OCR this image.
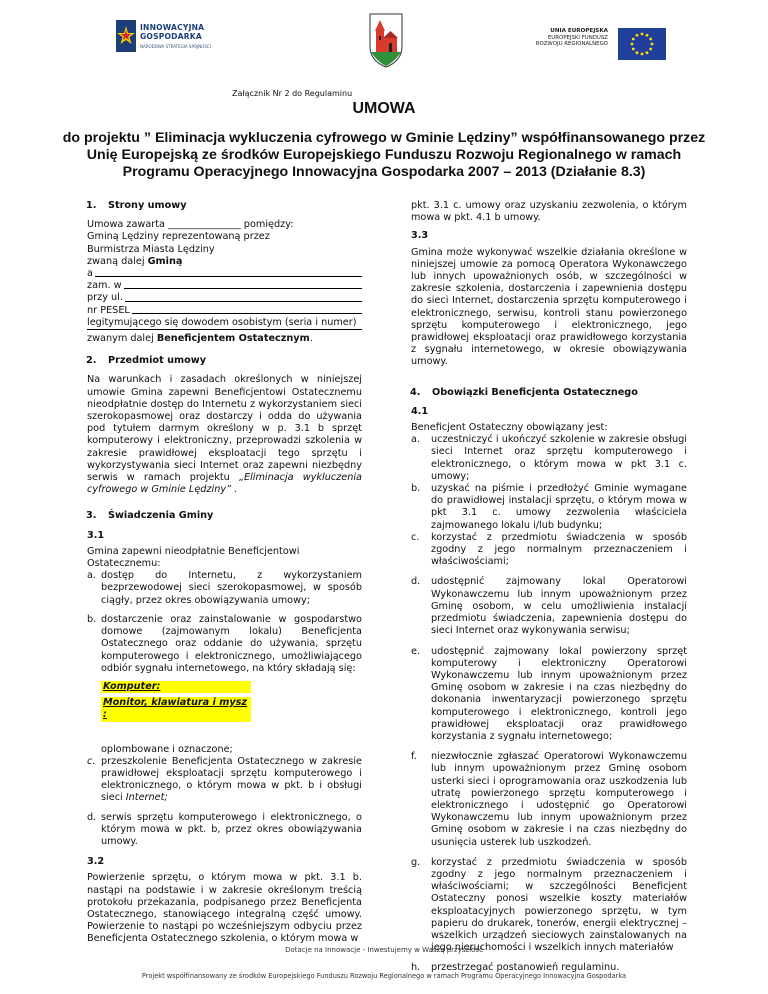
INNOWACYJNA
GOSPODARKA
NARODOWA STRATEGIA SPÓJNOŚCI
UNIA EUROPEJSKA
EUROPEJSKI FUNDUSZ
ROZWOJU REGIONALNEGO
Załącznik Nr 2 do Regulaminu
UMOWA
do projektu ” Eliminacja wykluczenia cyfrowego w Gminie Lędziny” współfinansowanego przez Unię Europejską ze środków Europejskiego Funduszu Rozwoju Regionalnego w ramach Programu Operacyjnego Innowacyjna Gospodarka 2007 – 2013 (Działanie 8.3)
1.	Strony umowy
Umowa zawarta _______________ pomiędzy:
Gminą Lędziny reprezentowaną przez
Burmistrza Miasta Lędziny
zwaną dalej Gminą
a
zam. w
przy ul.
nr PESEL
legitymującego się dowodem osobistym (seria i numer)
zwanym dalej Beneficjentem Ostatecznym.
2.	Przedmiot umowy

Na warunkach i zasadach określonych w niniejszej umowie Gmina zapewni Beneficjentowi Ostatecznemu nieodpłatnie dostęp do Internetu z wykorzystaniem sieci szerokopasmowej oraz dostarczy i odda do używania pod tytułem darmym określony w p. 3.1 b sprzęt komputerowy i elektroniczny, przeprowadzi szkolenia w zakresie prawidłowej eksploatacji tego sprzętu i wykorzystywania sieci Internet oraz zapewni niezbędny serwis w ramach projektu „Eliminacja wykluczenia cyfrowego w Gminie Lędziny” .

3.	Świadczenia Gminy
3.1
Gmina zapewni nieodpłatnie Beneficjentowi Ostatecznemu:
a. dostęp do Internetu, z wykorzystaniem bezprzewodowej sieci szerokopasmowej, w sposób ciągły, przez okres obowiązywania umowy;
b. dostarczenie oraz zainstalowanie w gospodarstwo domowe (zajmowanym lokalu) Beneficjenta Ostatecznego oraz oddanie do używania, sprzętu komputerowego i elektronicznego, umożliwiającego odbiór sygnału internetowego, na który składają się:
Komputer:
Monitor, klawiatura i mysz :
oplombowane i oznaczone;
c. przeszkolenie Beneficjenta Ostatecznego w zakresie prawidłowej eksploatacji sprzętu komputerowego i elektronicznego, o którym mowa w pkt. b i obsługi sieci Internet;
d. serwis sprzętu komputerowego i elektronicznego, o którym mowa w pkt. b, przez okres obowiązywania umowy.
3.2

Powierzenie sprzętu, o którym mowa w pkt. 3.1 b. nastąpi na podstawie i w zakresie określonym treścią protokołu przekazania, podpisanego przez Beneficjenta Ostatecznego, stanowiącego integralną część umowy. Powierzenie to nastąpi po wcześniejszym odbyciu przez Beneficjenta Ostatecznego szkolenia, o którym mowa w

pkt. 3.1 c. umowy oraz uzyskaniu zezwolenia, o którym mowa w pkt. 4.1 b umowy.

3.3

Gmina może wykonywać wszelkie działania określone w niniejszej umowie za pomocą Operatora Wykonawczego lub innych upoważnionych osób, w szczególności w zakresie szkolenia, dostarczenia i zapewnienia dostępu do sieci Internet, dostarczenia sprzętu komputerowego i elektronicznego, serwisu, kontroli stanu powierzonego sprzętu komputerowego i elektronicznego, jego prawidłowej eksploatacji oraz prawidłowego korzystania z sygnału internetowego, w okresie obowiązywania umowy.

4.	Obowiązki Beneficjenta Ostatecznego
4.1
Beneficjent Ostateczny obowiązany jest:
a.	uczestniczyć i ukończyć szkolenie w zakresie obsługi sieci Internet oraz sprzętu komputerowego i elektronicznego, o którym mowa w pkt 3.1 c. umowy;
b.	uzyskać na piśmie i przedłożyć Gminie wymagane do prawidłowej instalacji sprzętu, o którym mowa w pkt 3.1 c. umowy zezwolenia właściciela zajmowanego lokalu i/lub budynku;
c.	korzystać z przedmiotu świadczenia w sposób zgodny z jego normalnym przeznaczeniem i właściwościami;
d.	udostępnić zajmowany lokal Operatorowi Wykonawczemu lub innym upoważnionym przez Gminę osobom, w celu umożliwienia instalacji przedmiotu świadczenia, zapewnienia dostępu do sieci Internet oraz wykonywania serwisu;
e.	udostępnić zajmowany lokal powierzony sprzęt komputerowy i elektroniczny Operatorowi Wykonawczemu lub innym upoważnionym przez Gminę osobom w zakresie i na czas niezbędny do dokonania inwentaryzacji powierzonego sprzętu komputerowego i elektronicznego, kontroli jego prawidłowej eksploatacji oraz prawidłowego korzystania z sygnału internetowego;
f.	niezwłocznie zgłaszać Operatorowi Wykonawczemu lub innym upoważnionym przez Gminę osobom usterki sieci i oprogramowania oraz uszkodzenia lub utratę powierzonego sprzętu komputerowego i elektronicznego i udostępnić go Operatorowi Wykonawczemu lub innym upoważnionym przez Gminę osobom w zakresie i na czas niezbędny do usunięcia usterek lub uszkodzeń.
g.	korzystać z przedmiotu świadczenia w sposób zgodny z jego normalnym przeznaczeniem i właściwościami; w szczególności Beneficjent Ostateczny ponosi wszelkie koszty materiałów eksploatacyjnych powierzonego sprzętu, w tym papieru do drukarek, tonerów, energii elektrycznej – wszelkich urządzeń sieciowych zainstalowanych na jego nieruchomości i wszelkich innych materiałów
h.	przestrzegać postanowień regulaminu.
Dotacje na Innowacje - Inwestujemy w Waszą przyszłość
Projekt współfinansowany ze środków Europejskiego Funduszu Rozwoju Regionalnego w ramach Programu Operacyjnego Innowacyjna Gospodarka
